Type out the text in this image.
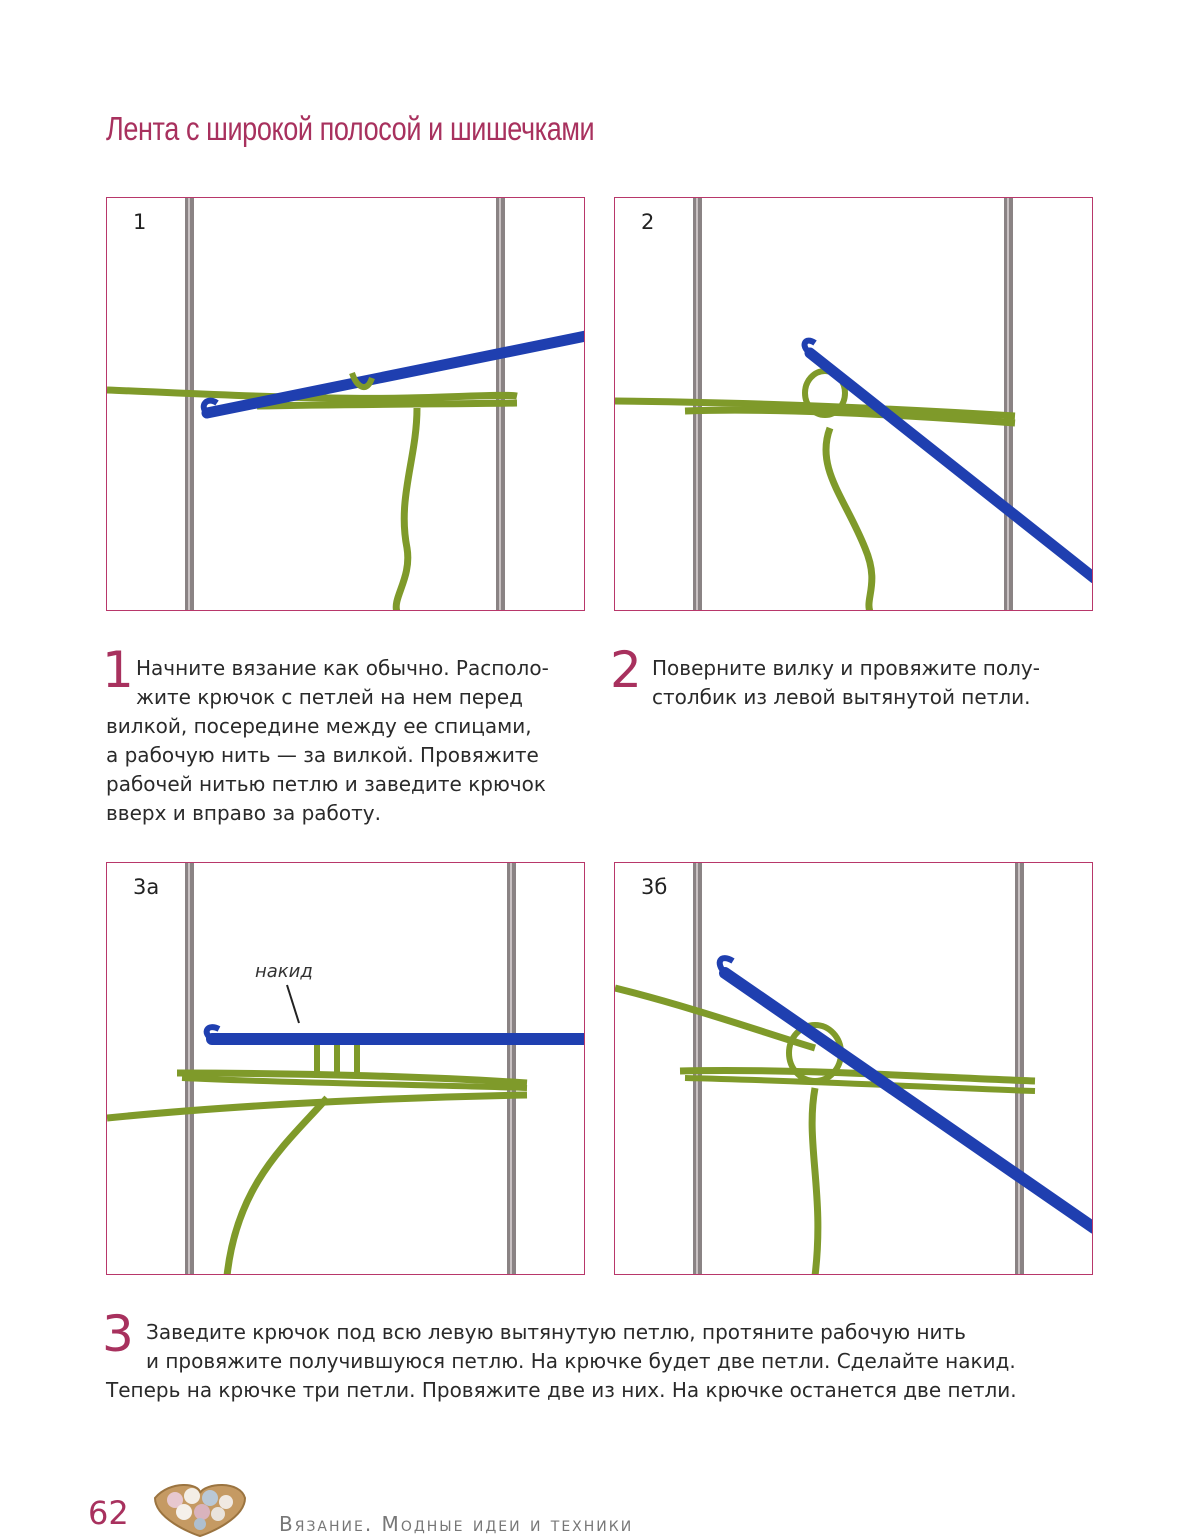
Лента с широкой полосой и шишечками
1	2
1 Начните вязание как обычно. Располо-
жите крючок с петлей на нем перед
вилкой, посередине между ее спицами,
а рабочую нить — за вилкой. Провяжите
рабочей нитью петлю и заведите крючок
вверх и вправо за работу.
2 Поверните вилку и провяжите полу-
столбик из левой вытянутой петли.
3а
накид
3б
3 Заведите крючок под всю левую вытянутую петлю, протяните рабочую нить
и провяжите получившуюся петлю. На крючке будет две петли. Сделайте накид.
Теперь на крючке три петли. Провяжите две из них. На крючке останется две петли.
62	Вязание. Модные идеи и техники
